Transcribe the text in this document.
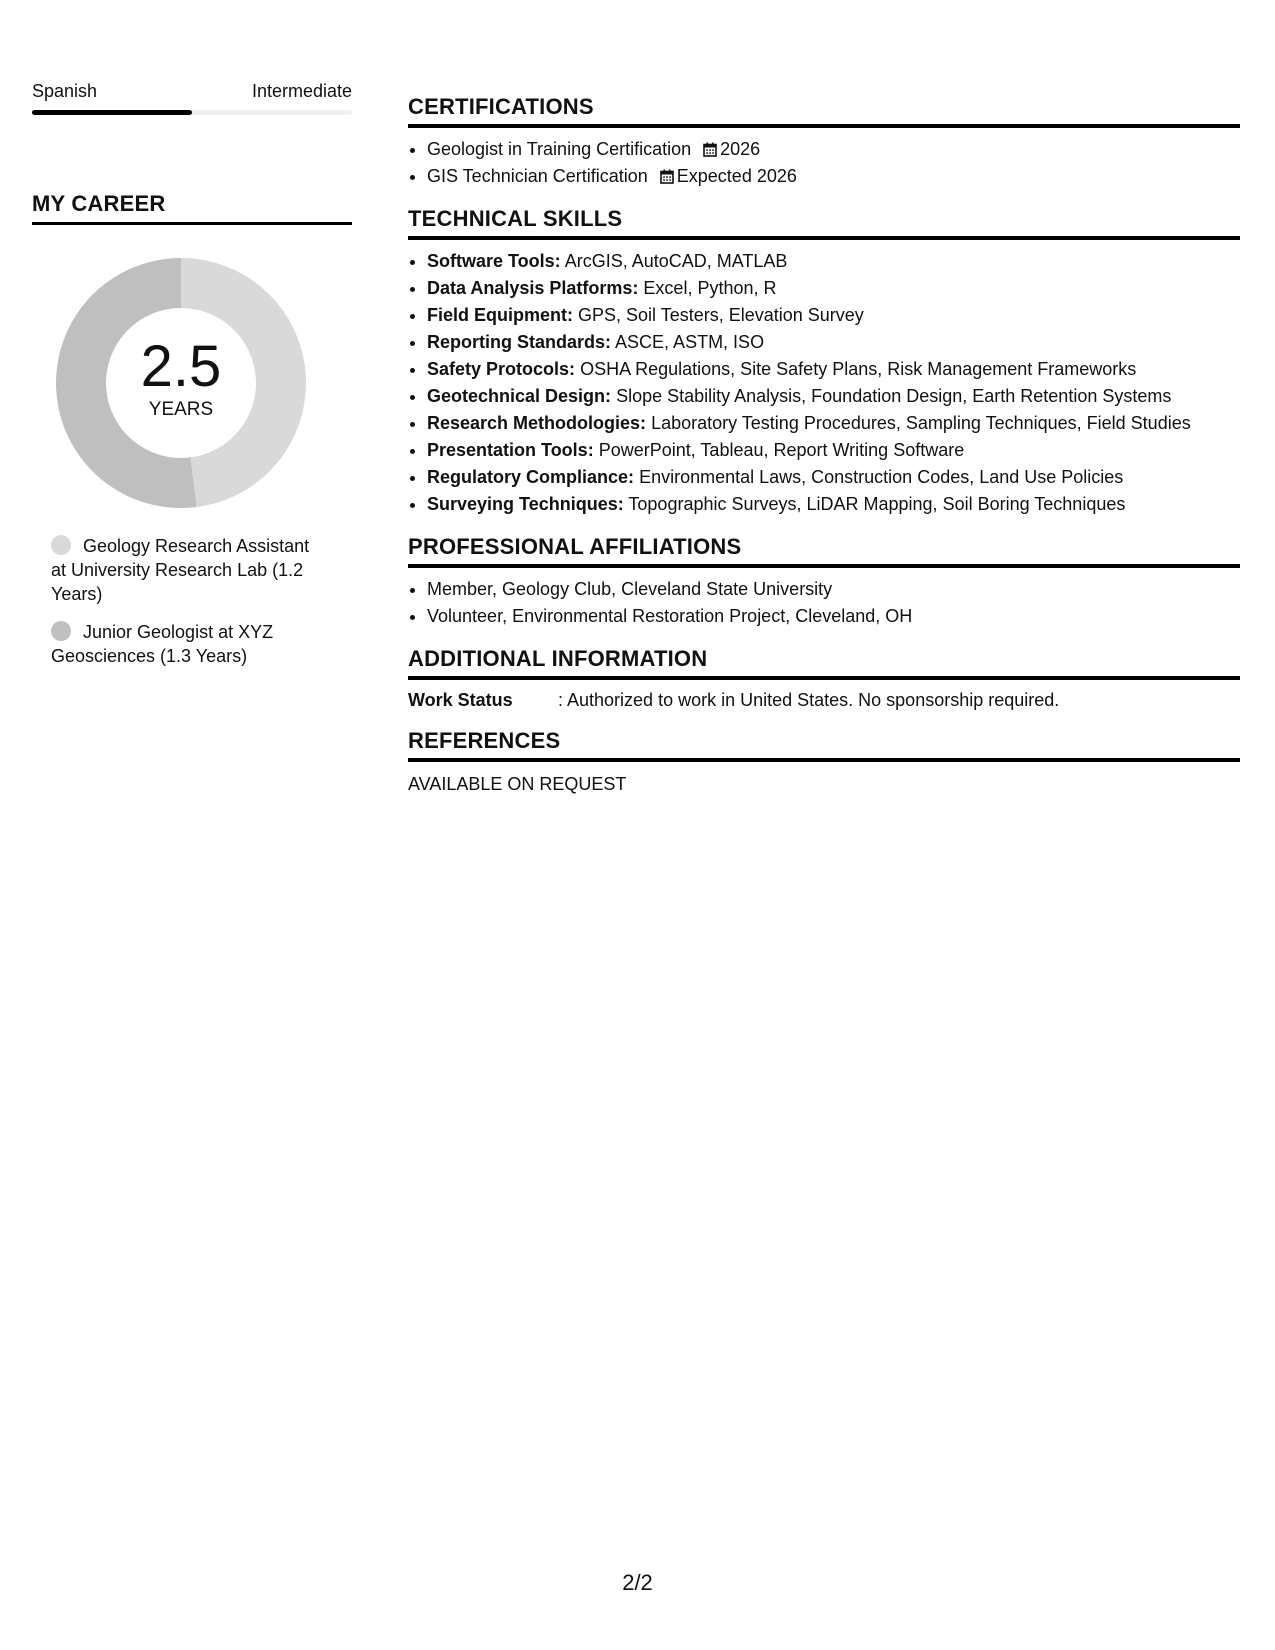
Spanish	Intermediate
MY CAREER
2.5
YEARS
Geology Research Assistant at University Research Lab (1.2 Years)
Junior Geologist at XYZ Geosciences (1.3 Years)
CERTIFICATIONS
• Geologist in Training Certification 2026
• GIS Technician Certification Expected 2026
TECHNICAL SKILLS
• Software Tools: ArcGIS, AutoCAD, MATLAB
• Data Analysis Platforms: Excel, Python, R
• Field Equipment: GPS, Soil Testers, Elevation Survey
• Reporting Standards: ASCE, ASTM, ISO
• Safety Protocols: OSHA Regulations, Site Safety Plans, Risk Management Frameworks
• Geotechnical Design: Slope Stability Analysis, Foundation Design, Earth Retention Systems
• Research Methodologies: Laboratory Testing Procedures, Sampling Techniques, Field Studies
• Presentation Tools: PowerPoint, Tableau, Report Writing Software
• Regulatory Compliance: Environmental Laws, Construction Codes, Land Use Policies
• Surveying Techniques: Topographic Surveys, LiDAR Mapping, Soil Boring Techniques
PROFESSIONAL AFFILIATIONS
• Member, Geology Club, Cleveland State University
• Volunteer, Environmental Restoration Project, Cleveland, OH
ADDITIONAL INFORMATION
Work Status	: Authorized to work in United States. No sponsorship required.
REFERENCES
AVAILABLE ON REQUEST
2/2
